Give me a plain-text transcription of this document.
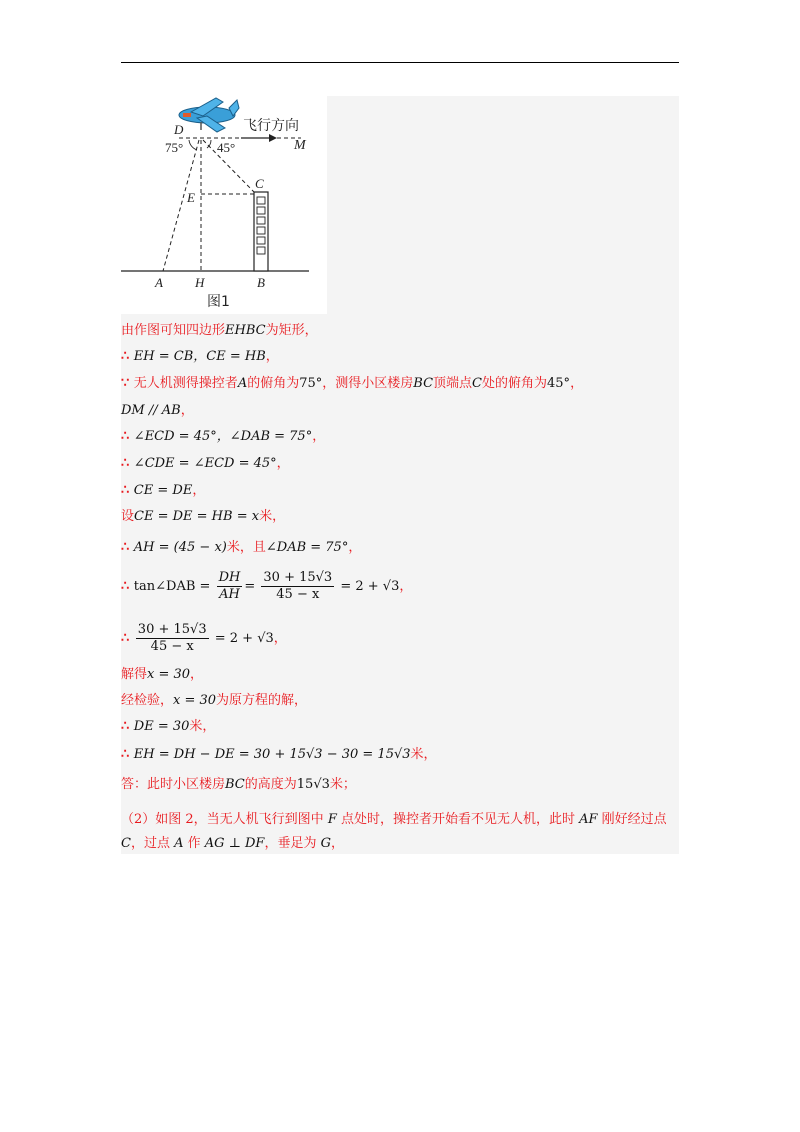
D
M
C
E
A H	B
75°	45°
飞行方向
图1
由作图可知四边形EHBC为矩形，
∴ EH = CB，CE = HB，
∵ 无人机测得操控者A的俯角为75°，测得小区楼房BC顶端点C处的俯角为45°，
DM // AB，
∴ ∠ECD = 45°，∠DAB = 75°，
∴ ∠CDE = ∠ECD = 45°，
∴ CE = DE，
设CE = DE = HB = x米，
∴ AH = (45 − x)米，且∠DAB = 75°，
∴ tan∠DAB = $\frac{DH}{AH} = \frac{30 + 15√3}{45 - x} = 2 + √3$，
∴ $\frac{30 + 15√3}{45 - x} = 2 + √3$，
解得x = 30，
经检验，x = 30为原方程的解，
∴ DE = 30米，
∴ EH = DH − DE = 30 + 15√3 − 30 = 15√3米，
答：此时小区楼房BC的高度为15√3米；
（2）如图 2，当无人机飞行到图中 F 点处时，操控者开始看不见无人机，此时 AF 刚好经过点 C，过点 A 作 AG ⊥ DF，垂足为 G，
